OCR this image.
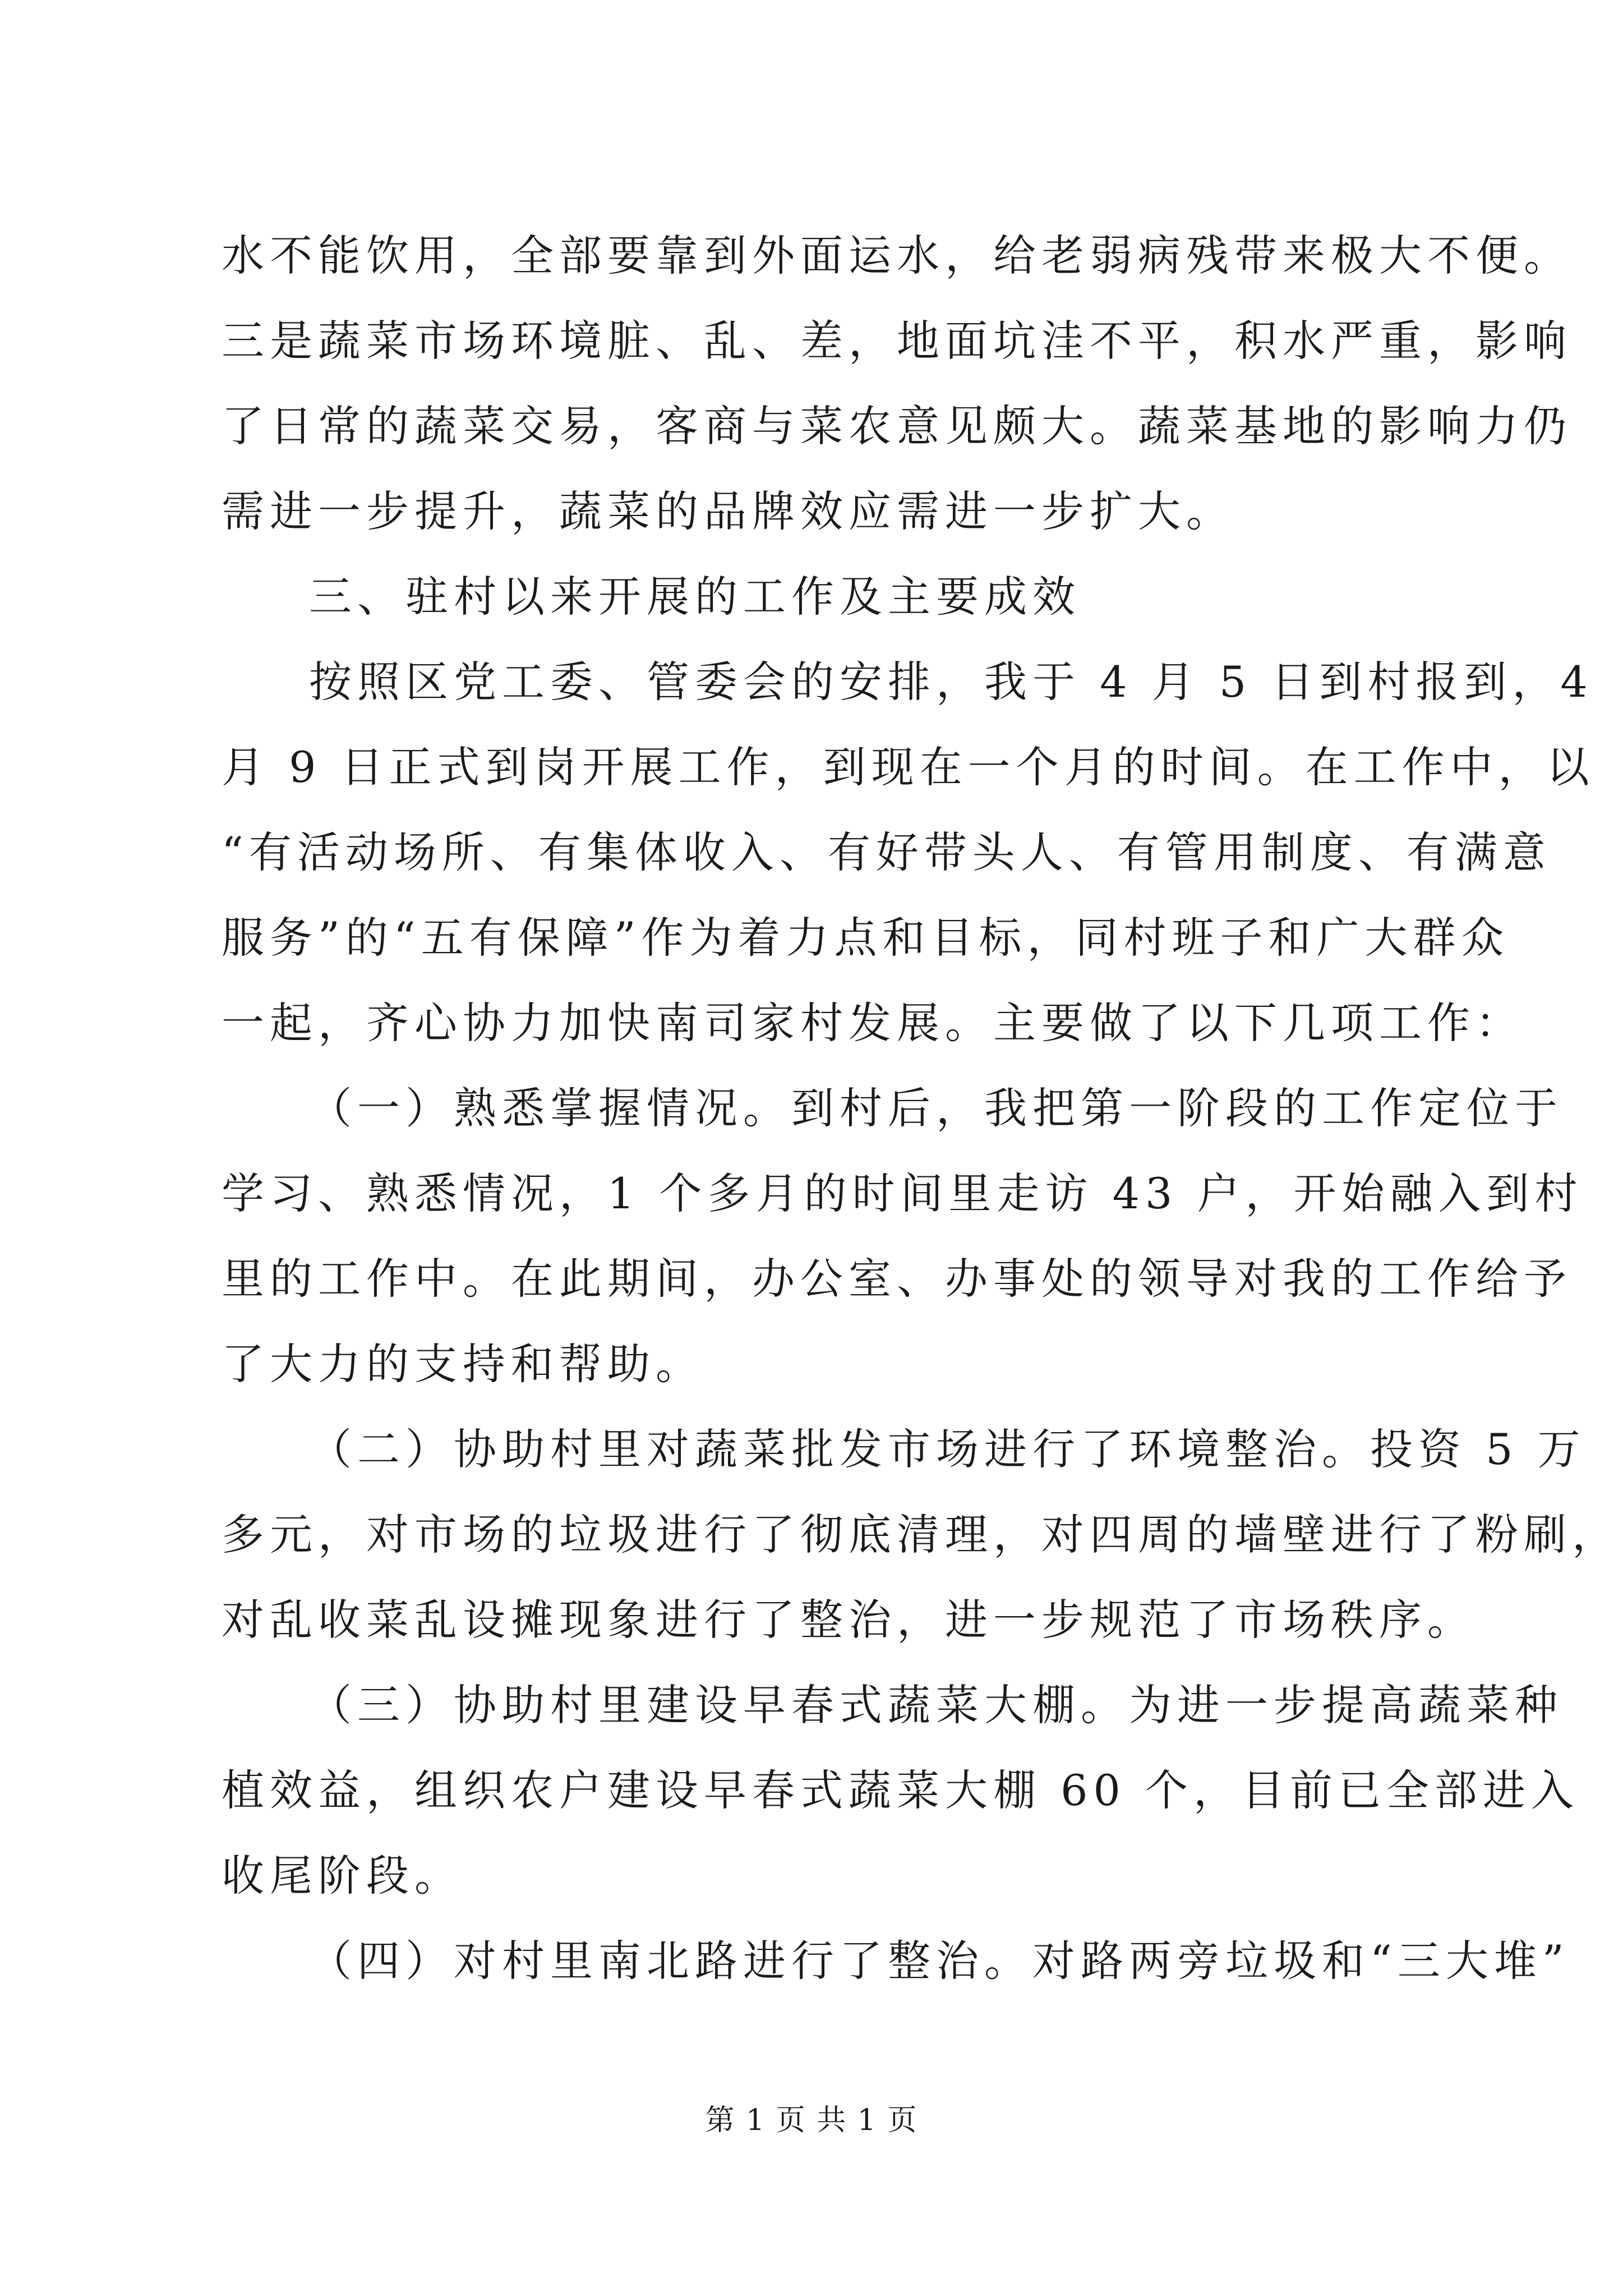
水不能饮用，全部要靠到外面运水，给老弱病残带来极大不便。
三是蔬菜市场环境脏、乱、差，地面坑洼不平，积水严重，影响
了日常的蔬菜交易，客商与菜农意见颇大。蔬菜基地的影响力仍
需进一步提升，蔬菜的品牌效应需进一步扩大。
三、驻村以来开展的工作及主要成效
按照区党工委、管委会的安排，我于 4 月 5 日到村报到，4
月 9 日正式到岗开展工作，到现在一个月的时间。在工作中，以
“有活动场所、有集体收入、有好带头人、有管用制度、有满意
服务”的“五有保障”作为着力点和目标，同村班子和广大群众
一起，齐心协力加快南司家村发展。主要做了以下几项工作：
（一）熟悉掌握情况。到村后，我把第一阶段的工作定位于
学习、熟悉情况，1 个多月的时间里走访 43 户，开始融入到村
里的工作中。在此期间，办公室、办事处的领导对我的工作给予
了大力的支持和帮助。
（二）协助村里对蔬菜批发市场进行了环境整治。投资 5 万
多元，对市场的垃圾进行了彻底清理，对四周的墙壁进行了粉刷，
对乱收菜乱设摊现象进行了整治，进一步规范了市场秩序。
（三）协助村里建设早春式蔬菜大棚。为进一步提高蔬菜种
植效益，组织农户建设早春式蔬菜大棚 60 个，目前已全部进入
收尾阶段。
（四）对村里南北路进行了整治。对路两旁垃圾和“三大堆”
第 1 页 共 1 页
